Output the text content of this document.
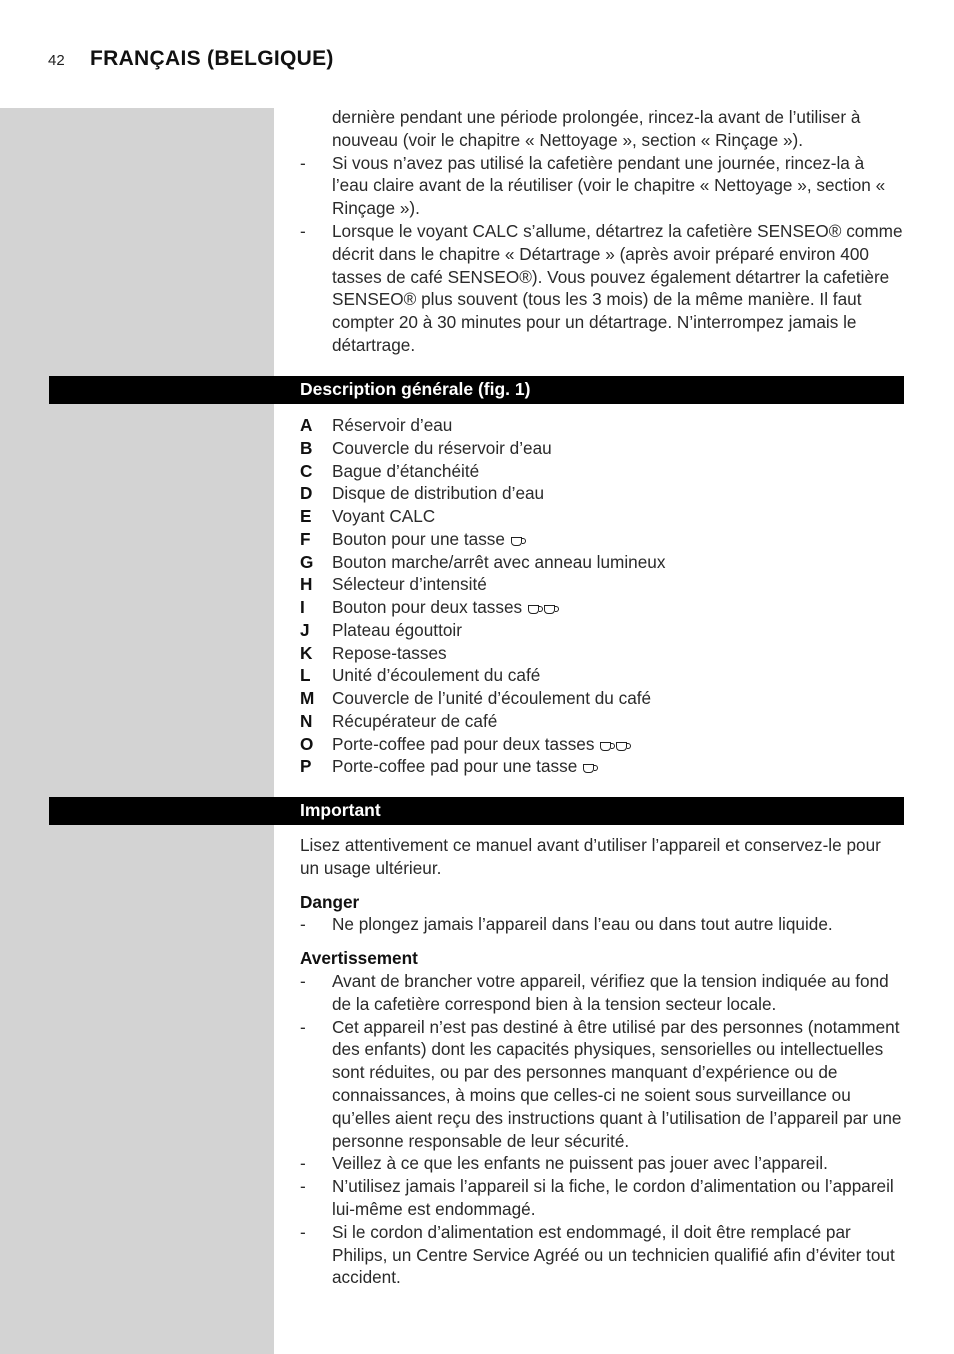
42 FRANÇAIS (BELGIQUE)
dernière pendant une période prolongée, rincez-la avant de l’utiliser à nouveau (voir le chapitre « Nettoyage », section « Rinçage »).
- Si vous n’avez pas utilisé la cafetière pendant une journée, rincez-la à l’eau claire avant de la réutiliser (voir le chapitre « Nettoyage », section « Rinçage »).
- Lorsque le voyant CALC s’allume, détartrez la cafetière SENSEO® comme décrit dans le chapitre « Détartrage » (après avoir préparé environ 400 tasses de café SENSEO®). Vous pouvez également détartrer la cafetière SENSEO® plus souvent (tous les 3 mois) de la même manière. Il faut compter 20 à 30 minutes pour un détartrage. N’interrompez jamais le détartrage.
Description générale (fig. 1)
A Réservoir d’eau
B Couvercle du réservoir d’eau
C Bague d’étanchéité
D Disque de distribution d’eau
E Voyant CALC
F Bouton pour une tasse
G Bouton marche/arrêt avec anneau lumineux
H Sélecteur d’intensité
I Bouton pour deux tasses
J Plateau égouttoir
K Repose-tasses
L Unité d’écoulement du café
M Couvercle de l’unité d’écoulement du café
N Récupérateur de café
O Porte-coffee pad pour deux tasses
P Porte-coffee pad pour une tasse
Important

Lisez attentivement ce manuel avant d’utiliser l’appareil et conservez-le pour un usage ultérieur.

Danger
- Ne plongez jamais l’appareil dans l’eau ou dans tout autre liquide.
Avertissement
- Avant de brancher votre appareil, vérifiez que la tension indiquée au fond de la cafetière correspond bien à la tension secteur locale.
- Cet appareil n’est pas destiné à être utilisé par des personnes (notamment des enfants) dont les capacités physiques, sensorielles ou intellectuelles sont réduites, ou par des personnes manquant d’expérience ou de connaissances, à moins que celles-ci ne soient sous surveillance ou qu’elles aient reçu des instructions quant à l’utilisation de l’appareil par une personne responsable de leur sécurité.
- Veillez à ce que les enfants ne puissent pas jouer avec l’appareil.
- N’utilisez jamais l’appareil si la fiche, le cordon d’alimentation ou l’appareil lui-même est endommagé.
- Si le cordon d’alimentation est endommagé, il doit être remplacé par Philips, un Centre Service Agréé ou un technicien qualifié afin d’éviter tout accident.
